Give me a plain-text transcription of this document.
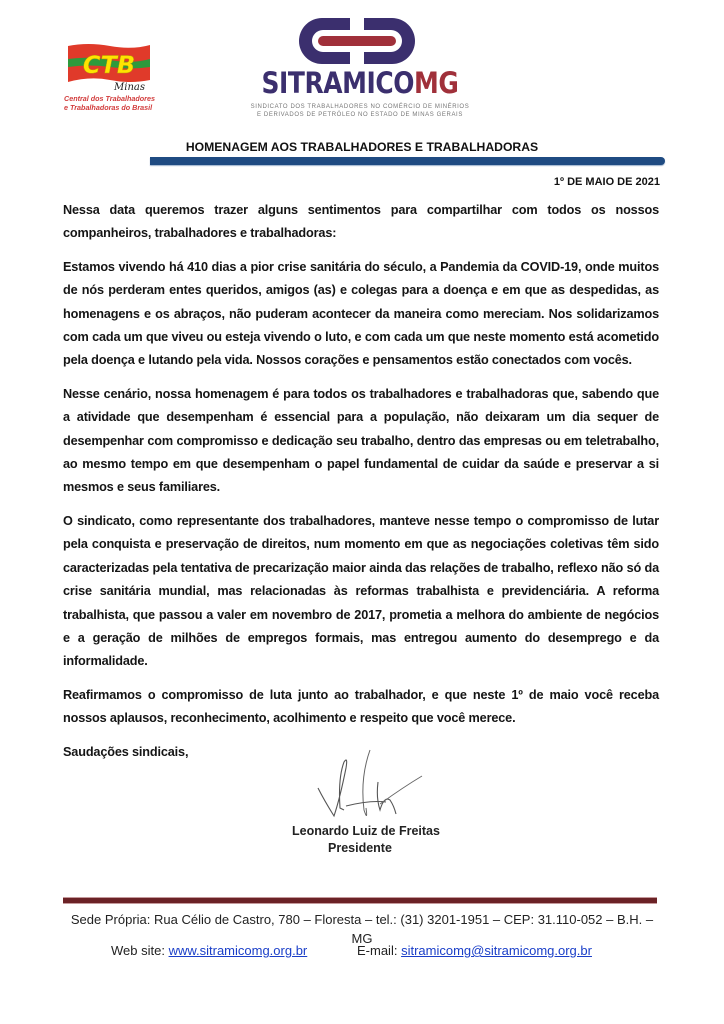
CTB
Minas
Central dos Trabalhadores
e Trabalhadoras do Brasil
SITRAMICOMG
SINDICATO DOS TRABALHADORES NO COMÉRCIO DE MINÉRIOS
E DERIVADOS DE PETRÓLEO NO ESTADO DE MINAS GERAIS
HOMENAGEM AOS TRABALHADORES E TRABALHADORAS
1º DE MAIO DE 2021

Nessa data queremos trazer alguns sentimentos para compartilhar com todos os nossos companheiros, trabalhadores e trabalhadoras:

Estamos vivendo há 410 dias a pior crise sanitária do século, a Pandemia da COVID-19, onde muitos de nós perderam entes queridos, amigos (as) e colegas para a doença e em que as despedidas, as homenagens e os abraços, não puderam acontecer da maneira como mereciam. Nos solidarizamos com cada um que viveu ou esteja vivendo o luto, e com cada um que neste momento está acometido pela doença e lutando pela vida. Nossos corações e pensamentos estão conectados com vocês.

Nesse cenário, nossa homenagem é para todos os trabalhadores e trabalhadoras que, sabendo que a atividade que desempenham é essencial para a população, não deixaram um dia sequer de desempenhar com compromisso e dedicação seu trabalho, dentro das empresas ou em teletrabalho, ao mesmo tempo em que desempenham o papel fundamental de cuidar da saúde e preservar a si mesmos e seus familiares.

O sindicato, como representante dos trabalhadores, manteve nesse tempo o compromisso de lutar pela conquista e preservação de direitos, num momento em que as negociações coletivas têm sido caracterizadas pela tentativa de precarização maior ainda das relações de trabalho, reflexo não só da crise sanitária mundial, mas relacionadas às reformas trabalhista e previdenciária. A reforma trabalhista, que passou a valer em novembro de 2017, prometia a melhora do ambiente de negócios e a geração de milhões de empregos formais, mas entregou aumento do desemprego e da informalidade.

Reafirmamos o compromisso de luta junto ao trabalhador, e que neste 1º de maio você receba nossos aplausos, reconhecimento, acolhimento e respeito que você merece.

Saudações sindicais,

Leonardo Luiz de Freitas
Presidente
Sede Própria: Rua Célio de Castro, 780 – Floresta – tel.: (31) 3201-1951 – CEP: 31.110-052 – B.H. – MG
Web site: www.sitramicomg.org.br	E-mail: sitramicomg@sitramicomg.org.br
